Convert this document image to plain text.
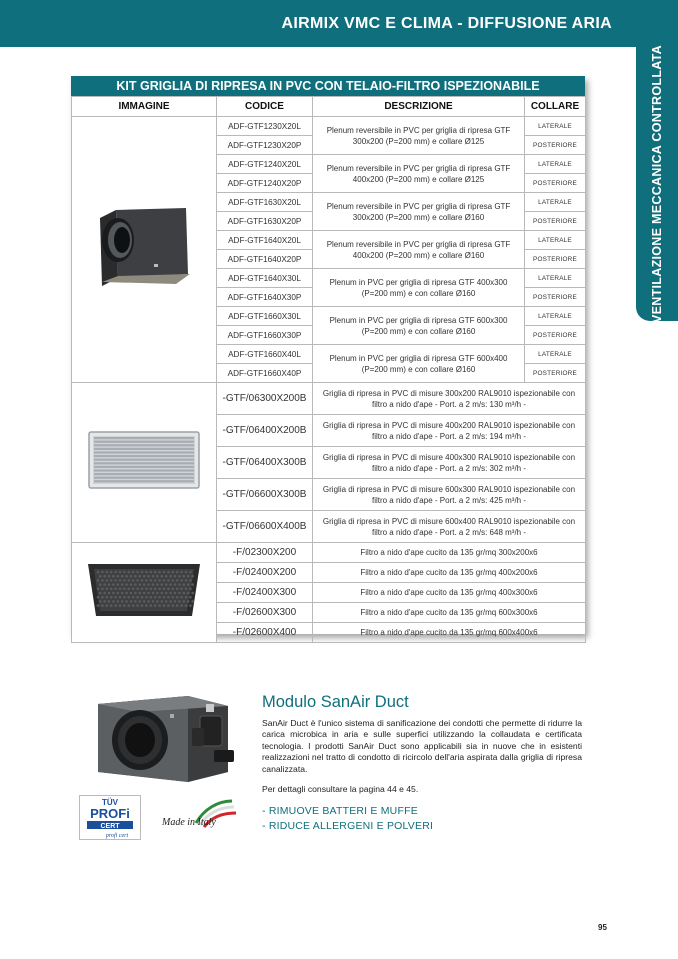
AIRMIX VMC E CLIMA - DIFFUSIONE ARIA
VENTILAZIONE MECCANICA CONTROLLATA
KIT GRIGLIA DI RIPRESA IN PVC CON TELAIO-FILTRO ISPEZIONABILE
IMMAGINE	CODICE	DESCRIZIONE	COLLARE
	ADF-GTF1230X20L	Plenum reversibile in PVC per griglia di ripresa GTF 300x200 (P=200 mm) e collare Ø125	LATERALE
	ADF-GTF1230X20P		POSTERIORE
	ADF-GTF1240X20L	Plenum reversibile in PVC per griglia di ripresa GTF 400x200 (P=200 mm) e collare Ø125	LATERALE
	ADF-GTF1240X20P		POSTERIORE
	ADF-GTF1630X20L	Plenum reversibile in PVC per griglia di ripresa GTF 300x200 (P=200 mm) e collare Ø160	LATERALE
	ADF-GTF1630X20P		POSTERIORE
	ADF-GTF1640X20L	Plenum reversibile in PVC per griglia di ripresa GTF 400x200 (P=200 mm) e collare Ø160	LATERALE
	ADF-GTF1640X20P		POSTERIORE
	ADF-GTF1640X30L	Plenum in PVC per griglia di ripresa GTF 400x300 (P=200 mm) e con collare Ø160	LATERALE
	ADF-GTF1640X30P		POSTERIORE
	ADF-GTF1660X30L	Plenum in PVC per griglia di ripresa GTF 600x300 (P=200 mm) e con collare Ø160	LATERALE
	ADF-GTF1660X30P		POSTERIORE
	ADF-GTF1660X40L	Plenum in PVC per griglia di ripresa GTF 600x400 (P=200 mm) e con collare Ø160	LATERALE
	ADF-GTF1660X40P		POSTERIORE
	-GTF/06300X200B	Griglia di ripresa in PVC di misure 300x200 RAL9010 ispezionabile con filtro a nido d'ape - Port. a 2 m/s: 130 m³/h -	
	-GTF/06400X200B	Griglia di ripresa in PVC di misure 400x200 RAL9010 ispezionabile con filtro a nido d'ape - Port. a 2 m/s: 194 m³/h -	
	-GTF/06400X300B	Griglia di ripresa in PVC di misure 400x300 RAL9010 ispezionabile con filtro a nido d'ape - Port. a 2 m/s: 302 m³/h -	
	-GTF/06600X300B	Griglia di ripresa in PVC di misure 600x300 RAL9010 ispezionabile con filtro a nido d'ape - Port. a 2 m/s: 425 m³/h -	
	-GTF/06600X400B	Griglia di ripresa in PVC di misure 600x400 RAL9010 ispezionabile con filtro a nido d'ape - Port. a 2 m/s: 648 m³/h -	
	-F/02300X200	Filtro a nido d'ape cucito da 135 gr/mq 300x200x6	
	-F/02400X200	Filtro a nido d'ape cucito da 135 gr/mq 400x200x6	
	-F/02400X300	Filtro a nido d'ape cucito da 135 gr/mq 400x300x6	
	-F/02600X300	Filtro a nido d'ape cucito da 135 gr/mq 600x300x6	
	-F/02600X400	Filtro a nido d'ape cucito da 135 gr/mq 600x400x6	
Modulo SanAir Duct
SanAir Duct è l'unico sistema di sanificazione dei condotti che permette di ridurre la carica microbica in aria e sulle superfici utilizzando la collaudata e certificata tecnologia. I prodotti SanAir Duct sono applicabili sia in nuove che in esistenti realizzazioni nel tratto di condotto di ricircolo dell'aria aspirata dalla griglia di ripresa canalizzata.
Per dettagli consultare la pagina 44 e 45.
- RIMUOVE BATTERI E MUFFE
- RIDUCE ALLERGENI E POLVERI
TÜV
PROFi
CERT
profi cert
Made in Italy
95
